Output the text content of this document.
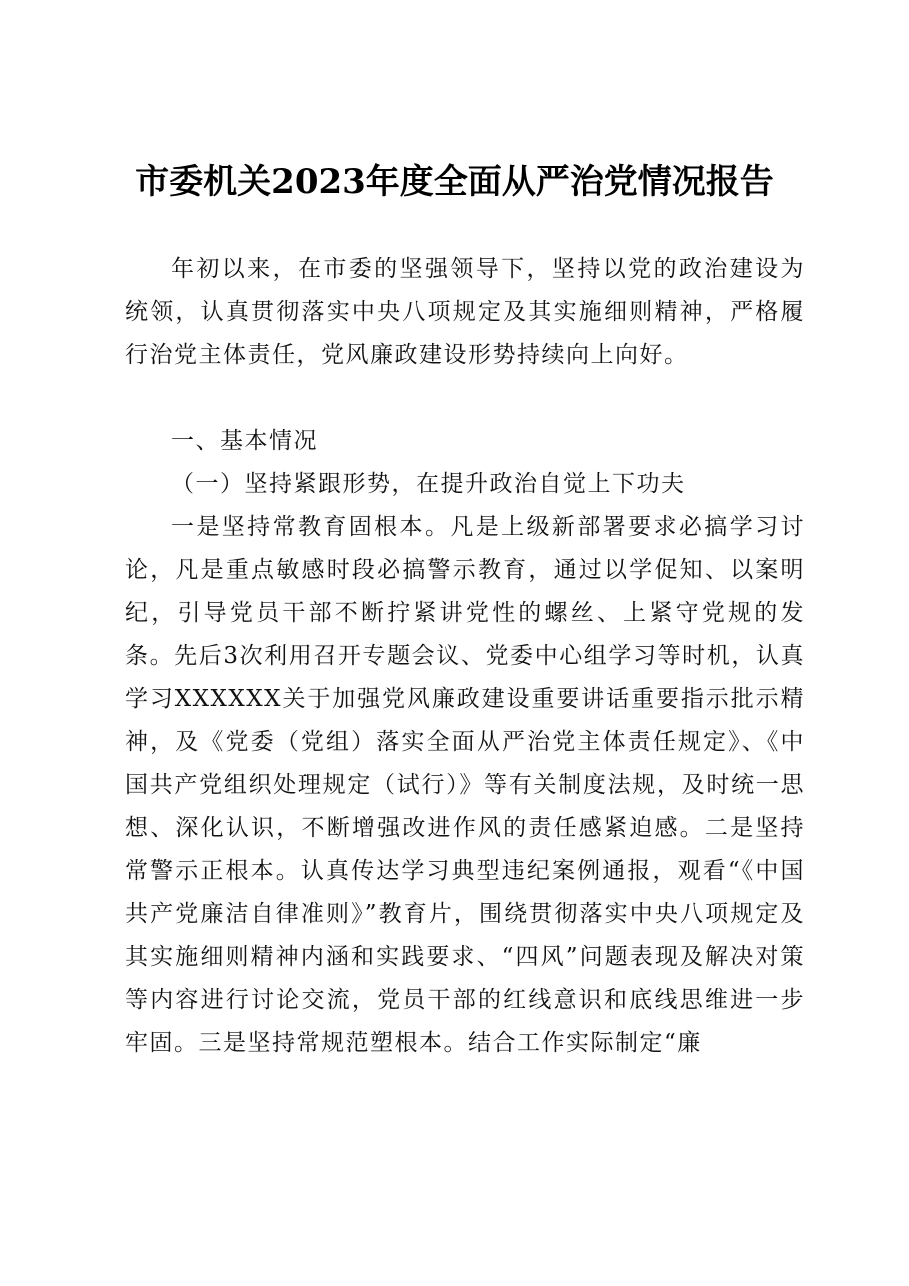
市委机关2023年度全面从严治党情况报告

年初以来，在市委的坚强领导下，坚持以党的政治建设为统领，认真贯彻落实中央八项规定及其实施细则精神，严格履行治党主体责任，党风廉政建设形势持续向上向好。

一、基本情况

（一）坚持紧跟形势，在提升政治自觉上下功夫

一是坚持常教育固根本。凡是上级新部署要求必搞学习讨论，凡是重点敏感时段必搞警示教育，通过以学促知、以案明纪，引导党员干部不断拧紧讲党性的螺丝、上紧守党规的发条。先后3次利用召开专题会议、党委中心组学习等时机，认真学习XXXXXX关于加强党风廉政建设重要讲话重要指示批示精神，及《党委（党组）落实全面从严治党主体责任规定》、《中国共产党组织处理规定（试行）》等有关制度法规，及时统一思想、深化认识，不断增强改进作风的责任感紧迫感。二是坚持常警示正根本。认真传达学习典型违纪案例通报，观看“《中国共产党廉洁自律准则》”教育片，围绕贯彻落实中央八项规定及其实施细则精神内涵和实践要求、“四风”问题表现及解决对策等内容进行讨论交流，党员干部的红线意识和底线思维进一步牢固。三是坚持常规范塑根本。结合工作实际制定“廉
